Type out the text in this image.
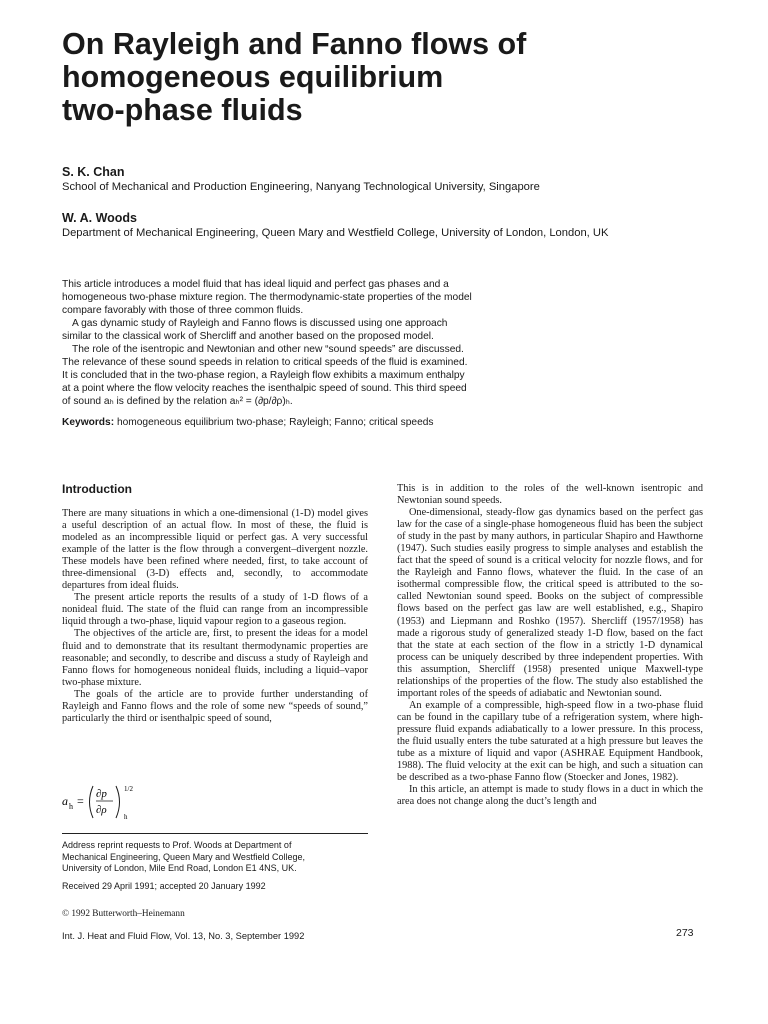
On Rayleigh and Fanno flows of
homogeneous equilibrium
two-phase fluids
S. K. Chan
School of Mechanical and Production Engineering, Nanyang Technological University, Singapore
W. A. Woods
Department of Mechanical Engineering, Queen Mary and Westfield College, University of London, London, UK
This article introduces a model fluid that has ideal liquid and perfect gas phases and a
homogeneous two-phase mixture region. The thermodynamic-state properties of the model
compare favorably with those of three common fluids.
A gas dynamic study of Rayleigh and Fanno flows is discussed using one approach
similar to the classical work of Shercliff and another based on the proposed model.
The role of the isentropic and Newtonian and other new “sound speeds” are discussed.
The relevance of these sound speeds in relation to critical speeds of the fluid is examined.
It is concluded that in the two-phase region, a Rayleigh flow exhibits a maximum enthalpy
at a point where the flow velocity reaches the isenthalpic speed of sound. This third speed
of sound aₕ is defined by the relation aₕ² = (∂p/∂ρ)ₕ.
Keywords: homogeneous equilibrium two-phase; Rayleigh; Fanno; critical speeds
Introduction

There are many situations in which a one-dimensional (1-D) model gives a useful description of an actual flow. In most of these, the fluid is modeled as an incompressible liquid or perfect gas. A very successful example of the latter is the flow through a convergent–divergent nozzle. These models have been refined where needed, first, to take account of three-dimensional (3-D) effects and, secondly, to accommodate departures from ideal fluids.

The present article reports the results of a study of 1-D flows of a nonideal fluid. The state of the fluid can range from an incompressible liquid through a two-phase, liquid vapour region to a gaseous region.

The objectives of the article are, first, to present the ideas for a model fluid and to demonstrate that its resultant thermodynamic properties are reasonable; and secondly, to describe and discuss a study of Rayleigh and Fanno flows for homogeneous nonideal fluids, including a liquid–vapor two-phase mixture.

The goals of the article are to provide further understanding of Rayleigh and Fanno flows and the role of some new “speeds of sound,” particularly the third or isenthalpic speed of sound,

a h = ∂p
∂ρ
1/2
h
Address reprint requests to Prof. Woods at Department of
Mechanical Engineering, Queen Mary and Westfield College,
University of London, Mile End Road, London E1 4NS, UK.
Received 29 April 1991; accepted 20 January 1992

This is in addition to the roles of the well-known isentropic and Newtonian sound speeds.

One-dimensional, steady-flow gas dynamics based on the perfect gas law for the case of a single-phase homogeneous fluid has been the subject of study in the past by many authors, in particular Shapiro and Hawthorne (1947). Such studies easily progress to simple analyses and establish the fact that the speed of sound is a critical velocity for nozzle flows, and for the Rayleigh and Fanno flows, whatever the fluid. In the case of an isothermal compressible flow, the critical speed is attributed to the so-called Newtonian sound speed. Books on the subject of compressible flows based on the perfect gas law are well established, e.g., Shapiro (1953) and Liepmann and Roshko (1957). Shercliff (1957/1958) has made a rigorous study of generalized steady 1-D flow, based on the fact that the state at each section of the flow in a strictly 1-D dynamical process can be uniquely described by three independent properties. With this assumption, Shercliff (1958) presented unique Maxwell-type relationships of the properties of the flow. The study also established the important roles of the speeds of adiabatic and Newtonian sound.

An example of a compressible, high-speed flow in a two-phase fluid can be found in the capillary tube of a refrigeration system, where high-pressure fluid expands adiabatically to a lower pressure. In this process, the fluid usually enters the tube saturated at a high pressure but leaves the tube as a mixture of liquid and vapor (ASHRAE Equipment Handbook, 1988). The fluid velocity at the exit can be high, and such a situation can be described as a two-phase Fanno flow (Stoecker and Jones, 1982).

In this article, an attempt is made to study flows in a duct in which the area does not change along the duct’s length and

© 1992 Butterworth–Heinemann
Int. J. Heat and Fluid Flow, Vol. 13, No. 3, September 1992	273
